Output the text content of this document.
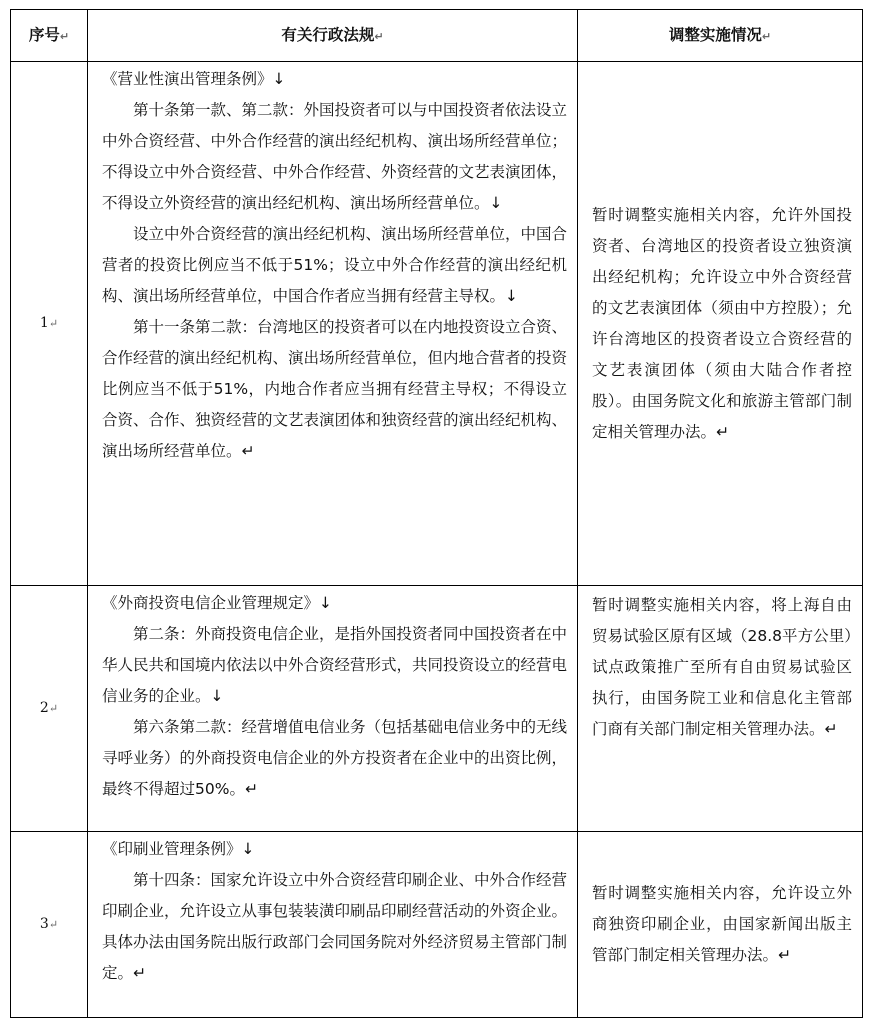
序号↵	有关行政法规↵	调整实施情况↵
1↵	《营业性演出管理条例》↓
第十条第一款、第二款：外国投资者可以与中国投资者依法设立中外合资经营、中外合作经营的演出经纪机构、演出场所经营单位；不得设立中外合资经营、中外合作经营、外资经营的文艺表演团体，不得设立外资经营的演出经纪机构、演出场所经营单位。↓
设立中外合资经营的演出经纪机构、演出场所经营单位，中国合营者的投资比例应当不低于51%；设立中外合作经营的演出经纪机构、演出场所经营单位，中国合作者应当拥有经营主导权。↓
第十一条第二款：台湾地区的投资者可以在内地投资设立合资、合作经营的演出经纪机构、演出场所经营单位，但内地合营者的投资比例应当不低于51%，内地合作者应当拥有经营主导权；不得设立合资、合作、独资经营的文艺表演团体和独资经营的演出经纪机构、演出场所经营单位。↵	暂时调整实施相关内容，允许外国投资者、台湾地区的投资者设立独资演出经纪机构；允许设立中外合资经营的文艺表演团体（须由中方控股）；允许台湾地区的投资者设立合资经营的文艺表演团体（须由大陆合作者控股）。由国务院文化和旅游主管部门制定相关管理办法。↵

2↵	《外商投资电信企业管理规定》↓
第二条：外商投资电信企业，是指外国投资者同中国投资者在中华人民共和国境内依法以中外合资经营形式，共同投资设立的经营电信业务的企业。↓
第六条第二款：经营增值电信业务（包括基础电信业务中的无线寻呼业务）的外商投资电信企业的外方投资者在企业中的出资比例，最终不得超过50%。↵	暂时调整实施相关内容，将上海自由贸易试验区原有区域（28.8平方公里）试点政策推广至所有自由贸易试验区执行，由国务院工业和信息化主管部门商有关部门制定相关管理办法。↵

3↵	《印刷业管理条例》↓
第十四条：国家允许设立中外合资经营印刷企业、中外合作经营印刷企业，允许设立从事包装装潢印刷品印刷经营活动的外资企业。具体办法由国务院出版行政部门会同国务院对外经济贸易主管部门制定。↵	暂时调整实施相关内容，允许设立外商独资印刷企业，由国家新闻出版主管部门制定相关管理办法。↵
